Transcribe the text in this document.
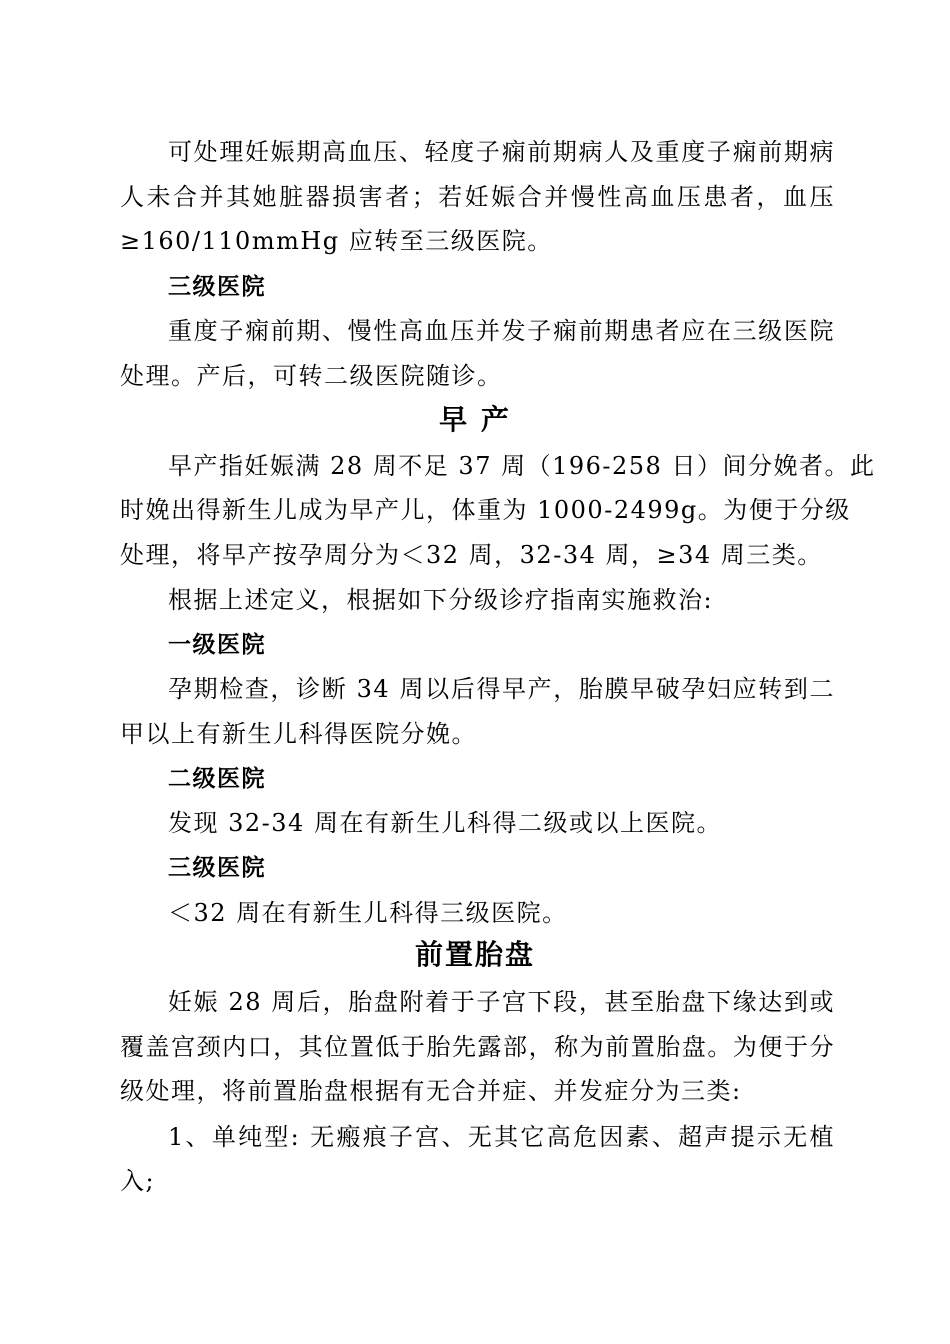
可处理妊娠期高血压、轻度子痫前期病人及重度子痫前期病
人未合并其她脏器损害者；若妊娠合并慢性高血压患者，血压
≥160/110mmHg 应转至三级医院。
三级医院
重度子痫前期、慢性高血压并发子痫前期患者应在三级医院
处理。产后，可转二级医院随诊。
早 产
早产指妊娠满 28 周不足 37 周（196-258 日）间分娩者。此
时娩出得新生儿成为早产儿，体重为 1000-2499g。为便于分级
处理，将早产按孕周分为＜32 周，32-34 周，≥34 周三类。
根据上述定义，根据如下分级诊疗指南实施救治:
一级医院
孕期检查，诊断 34 周以后得早产，胎膜早破孕妇应转到二
甲以上有新生儿科得医院分娩。
二级医院
发现 32-34 周在有新生儿科得二级或以上医院。
三级医院
＜32 周在有新生儿科得三级医院。
前置胎盘
妊娠 28 周后，胎盘附着于子宫下段，甚至胎盘下缘达到或
覆盖宫颈内口，其位置低于胎先露部，称为前置胎盘。为便于分
级处理，将前置胎盘根据有无合并症、并发症分为三类:
1、单纯型: 无瘢痕子宫、无其它高危因素、超声提示无植
入;
